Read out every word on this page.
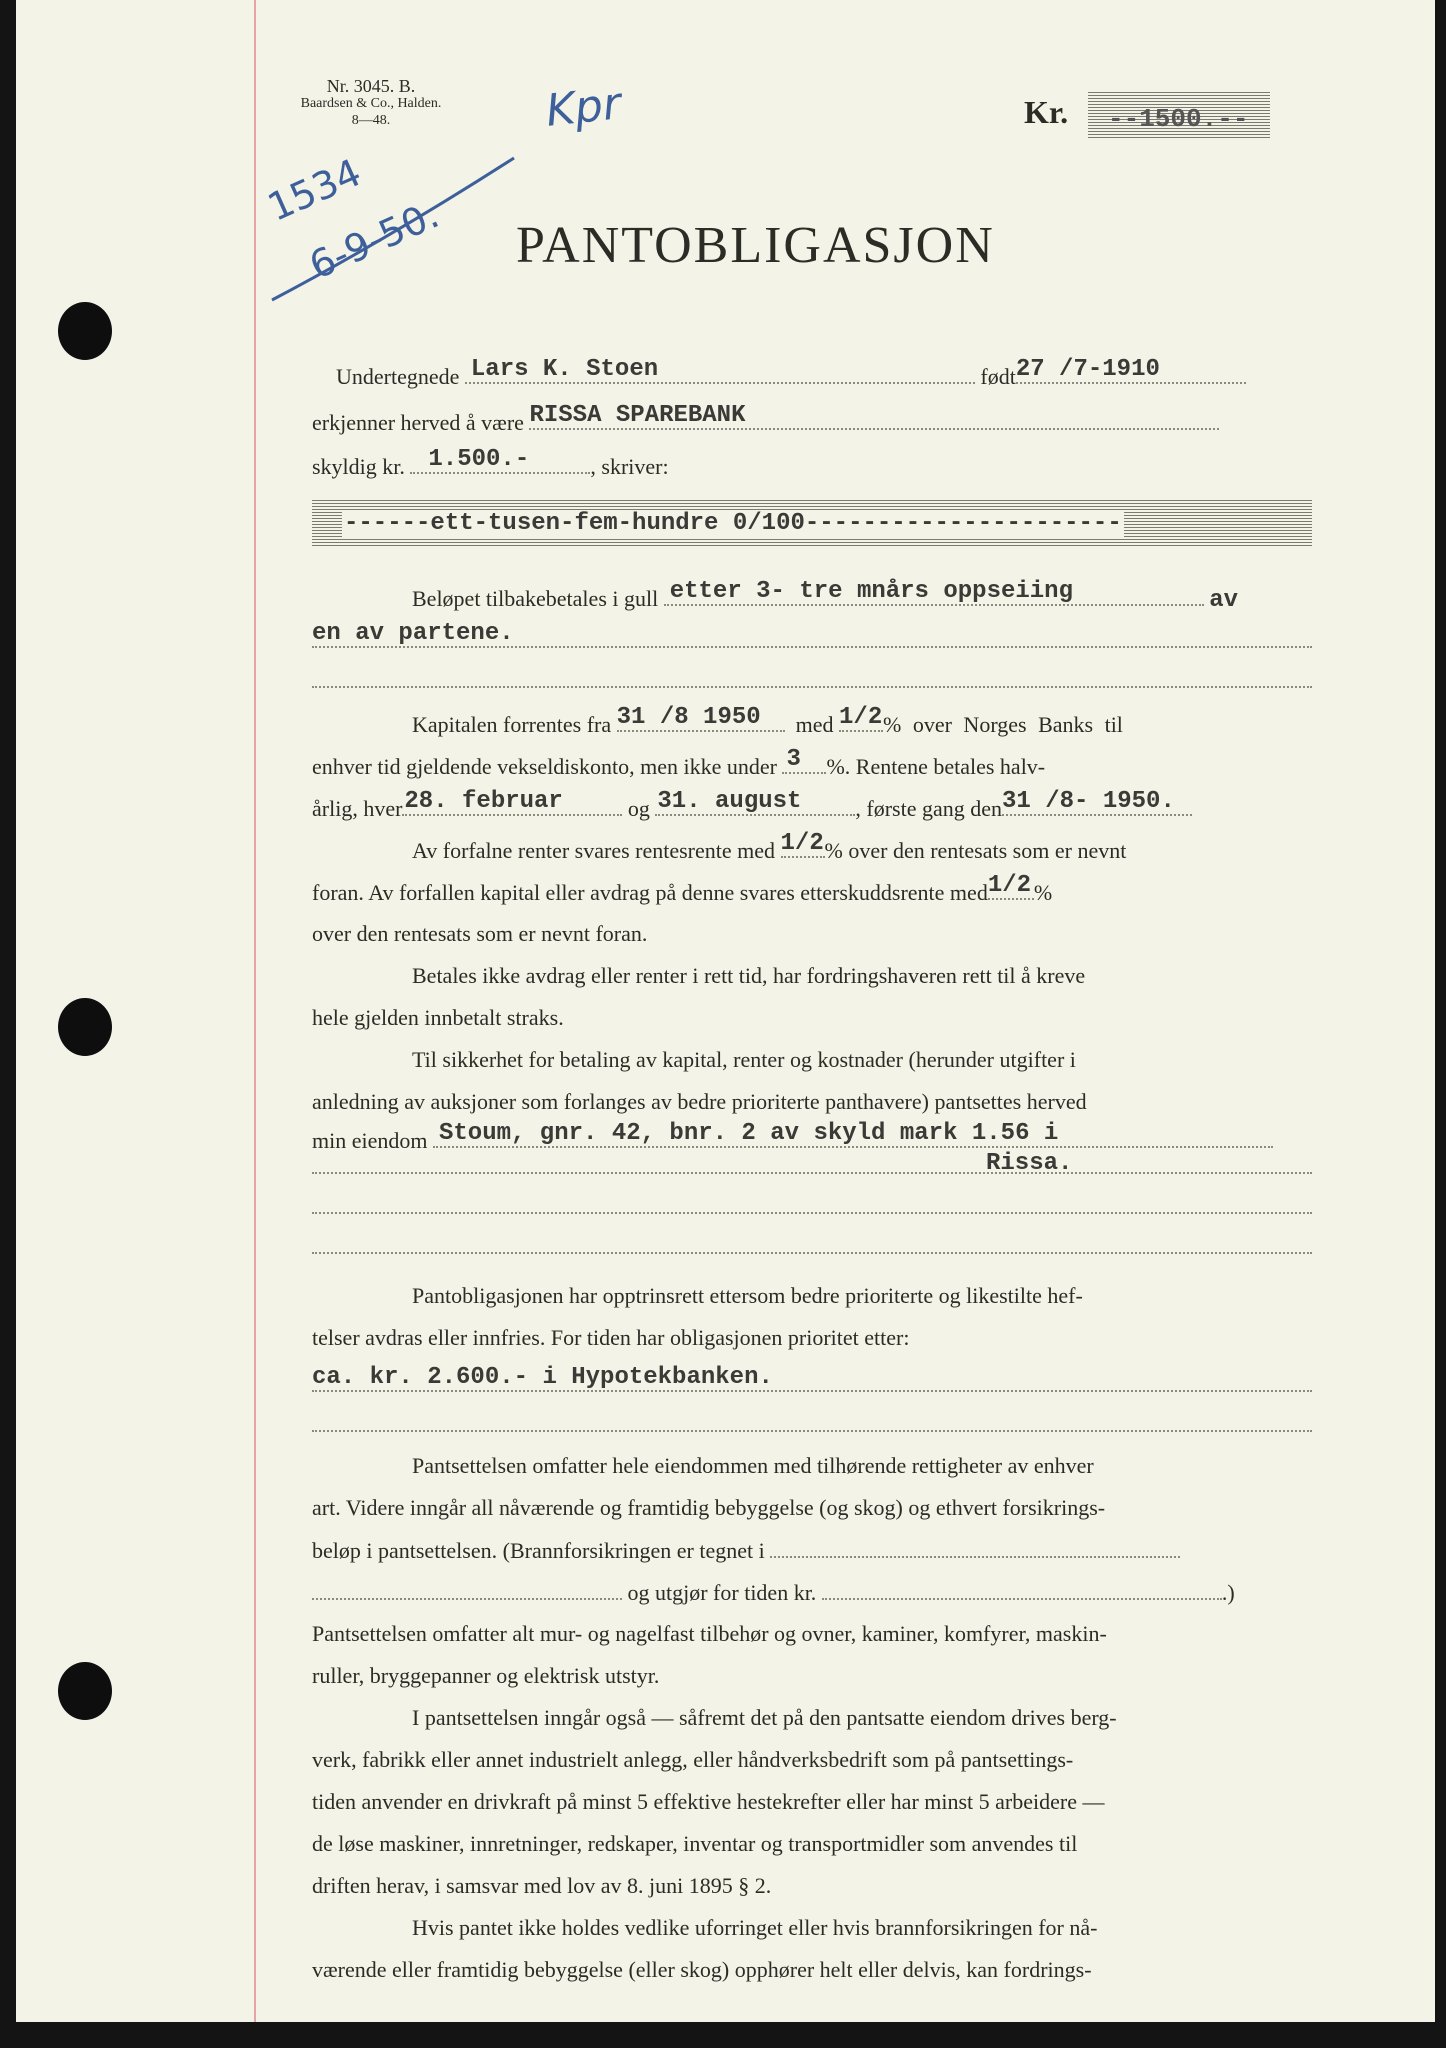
Nr. 3045. B.
Baardsen & Co., Halden.
8—48.	Kpr
1534
6-9-50.
Kr. --1500.--
PANTOBLIGASJON
Undertegnede Lars K. Stoen	født 27 /7-1910
erkjenner herved å være RISSA SPAREBANK
skyldig kr. 1.500.-	, skriver:
------ett-tusen-fem-hundre 0/100----------------------
Beløpet tilbakebetales i gull etter 3- tre mnårs oppseiing	av
en av partene.
Kapitalen forrentes fra 31 /8 1950 med 1/2 % over Norges Banks til
enhver tid gjeldende vekseldiskonto, men ikke under 3 %. Rentene betales halv-
årlig, hver 28. februar	og 31. august , første gang den 31 /8- 1950.
Av forfalne renter svares rentesrente med 1/2 % over den rentesats som er nevnt
foran. Av forfallen kapital eller avdrag på denne svares etterskuddsrente med 1/2 %
over den rentesats som er nevnt foran.
Betales ikke avdrag eller renter i rett tid, har fordringshaveren rett til å kreve
hele gjelden innbetalt straks.
Til sikkerhet for betaling av kapital, renter og kostnader (herunder utgifter i
anledning av auksjoner som forlanges av bedre prioriterte panthavere) pantsettes herved
min eiendom Stoum, gnr. 42, bnr. 2 av skyld mark 1.56 i
Rissa.
Pantobligasjonen har opptrinsrett ettersom bedre prioriterte og likestilte hef-
telser avdras eller innfries. For tiden har obligasjonen prioritet etter:
ca. kr. 2.600.- i Hypotekbanken.
Pantsettelsen omfatter hele eiendommen med tilhørende rettigheter av enhver
art. Videre inngår all nåværende og framtidig bebyggelse (og skog) og ethvert forsikrings-
beløp i pantsettelsen. (Brannforsikringen er tegnet i
og utgjør for tiden kr.	.)
Pantsettelsen omfatter alt mur- og nagelfast tilbehør og ovner, kaminer, komfyrer, maskin-
ruller, bryggepanner og elektrisk utstyr.
I pantsettelsen inngår også — såfremt det på den pantsatte eiendom drives berg-
verk, fabrikk eller annet industrielt anlegg, eller håndverksbedrift som på pantsettings-
tiden anvender en drivkraft på minst 5 effektive hestekrefter eller har minst 5 arbeidere —
de løse maskiner, innretninger, redskaper, inventar og transportmidler som anvendes til
driften herav, i samsvar med lov av 8. juni 1895 § 2.
Hvis pantet ikke holdes vedlike uforringet eller hvis brannforsikringen for nå-
værende eller framtidig bebyggelse (eller skog) opphører helt eller delvis, kan fordrings-
